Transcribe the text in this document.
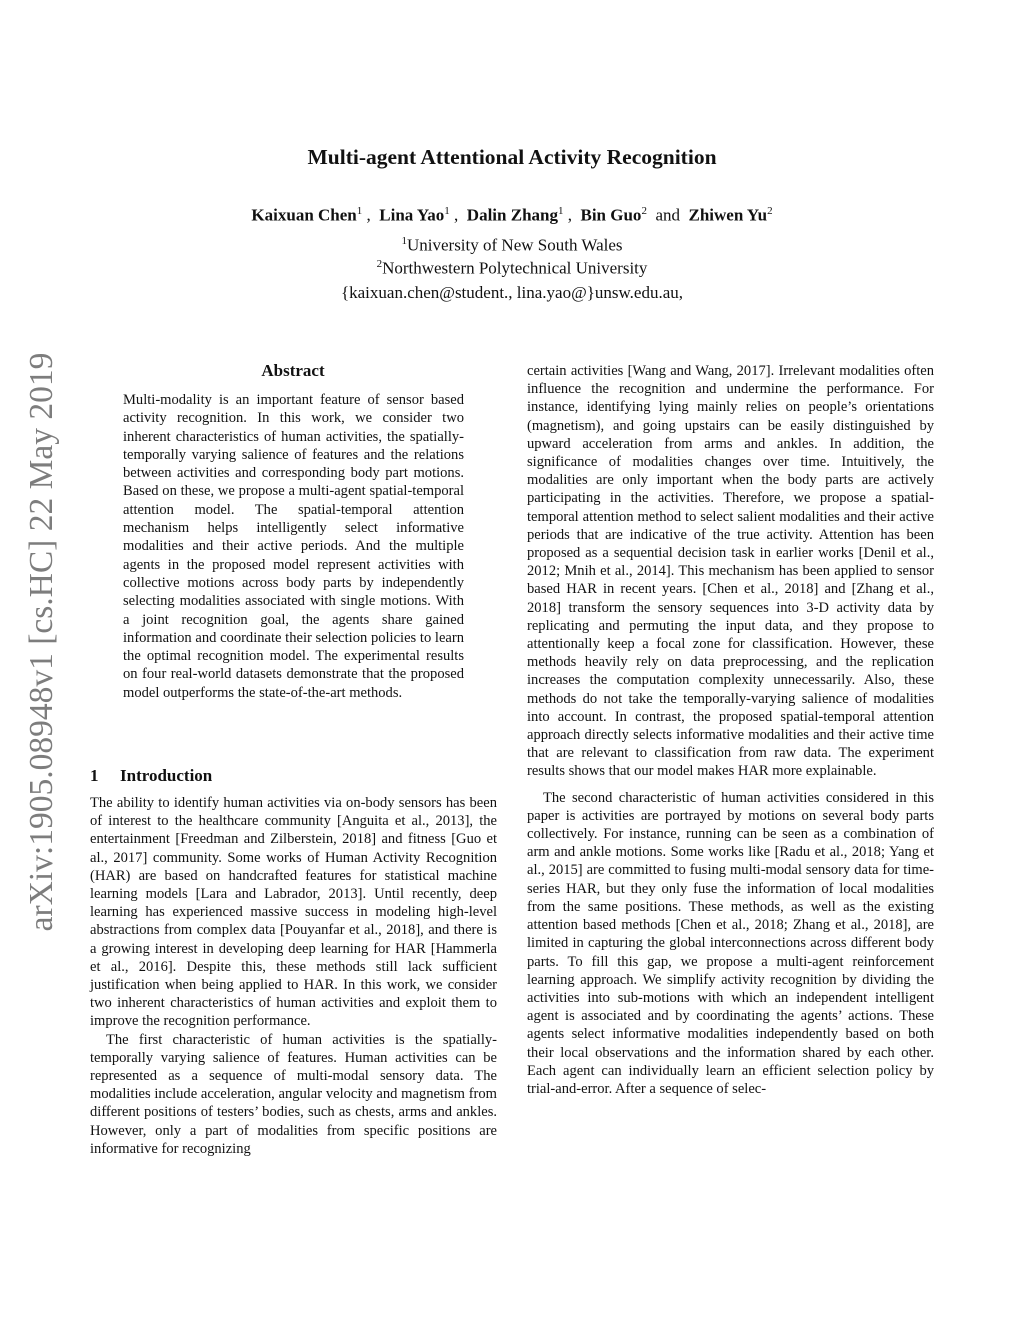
arXiv:1905.08948v1 [cs.HC] 22 May 2019
Multi-agent Attentional Activity Recognition
Kaixuan Chen$^1$ ,  Lina Yao$^1$ ,  Dalin Zhang$^1$ ,  Bin Guo$^2$ and Zhiwen Yu$^2$
$^1$University of New South Wales
$^2$Northwestern Polytechnical University
{kaixuan.chen@student., lina.yao@}unsw.edu.au,
Abstract
Multi-modality is an important feature of sensor based activity recognition. In this work, we consider two inherent characteristics of human activities, the spatially-temporally varying salience of features and the relations between activities and corresponding body part motions. Based on these, we propose a multi-agent spatial-temporal attention model. The spatial-temporal attention mechanism helps intelligently select informative modalities and their active periods. And the multiple agents in the proposed model represent activities with collective motions across body parts by independently selecting modalities associated with single motions. With a joint recognition goal, the agents share gained information and coordinate their selection policies to learn the optimal recognition model. The experimental results on four real-world datasets demonstrate that the proposed model outperforms the state-of-the-art methods.
1 Introduction

The ability to identify human activities via on-body sensors has been of interest to the healthcare community [Anguita et al., 2013], the entertainment [Freedman and Zilberstein, 2018] and fitness [Guo et al., 2017] community. Some works of Human Activity Recognition (HAR) are based on handcrafted features for statistical machine learning models [Lara and Labrador, 2013]. Until recently, deep learning has experienced massive success in modeling high-level abstractions from complex data [Pouyanfar et al., 2018], and there is a growing interest in developing deep learning for HAR [Hammerla et al., 2016]. Despite this, these methods still lack sufficient justification when being applied to HAR. In this work, we consider two inherent characteristics of human activities and exploit them to improve the recognition performance.

The first characteristic of human activities is the spatially-temporally varying salience of features. Human activities can be represented as a sequence of multi-modal sensory data. The modalities include acceleration, angular velocity and magnetism from different positions of testers’ bodies, such as chests, arms and ankles. However, only a part of modalities from specific positions are informative for recognizing

certain activities [Wang and Wang, 2017]. Irrelevant modalities often influence the recognition and undermine the performance. For instance, identifying lying mainly relies on people’s orientations (magnetism), and going upstairs can be easily distinguished by upward acceleration from arms and ankles. In addition, the significance of modalities changes over time. Intuitively, the modalities are only important when the body parts are actively participating in the activities. Therefore, we propose a spatial-temporal attention method to select salient modalities and their active periods that are indicative of the true activity. Attention has been proposed as a sequential decision task in earlier works [Denil et al., 2012; Mnih et al., 2014]. This mechanism has been applied to sensor based HAR in recent years. [Chen et al., 2018] and [Zhang et al., 2018] transform the sensory sequences into 3-D activity data by replicating and permuting the input data, and they propose to attentionally keep a focal zone for classification. However, these methods heavily rely on data preprocessing, and the replication increases the computation complexity unnecessarily. Also, these methods do not take the temporally-varying salience of modalities into account. In contrast, the proposed spatial-temporal attention approach directly selects informative modalities and their active time that are relevant to classification from raw data. The experiment results shows that our model makes HAR more explainable.

The second characteristic of human activities considered in this paper is activities are portrayed by motions on several body parts collectively. For instance, running can be seen as a combination of arm and ankle motions. Some works like [Radu et al., 2018; Yang et al., 2015] are committed to fusing multi-modal sensory data for time-series HAR, but they only fuse the information of local modalities from the same positions. These methods, as well as the existing attention based methods [Chen et al., 2018; Zhang et al., 2018], are limited in capturing the global interconnections across different body parts. To fill this gap, we propose a multi-agent reinforcement learning approach. We simplify activity recognition by dividing the activities into sub-motions with which an independent intelligent agent is associated and by coordinating the agents’ actions. These agents select informative modalities independently based on both their local observations and the information shared by each other. Each agent can individually learn an efficient selection policy by trial-and-error. After a sequence of selec-
